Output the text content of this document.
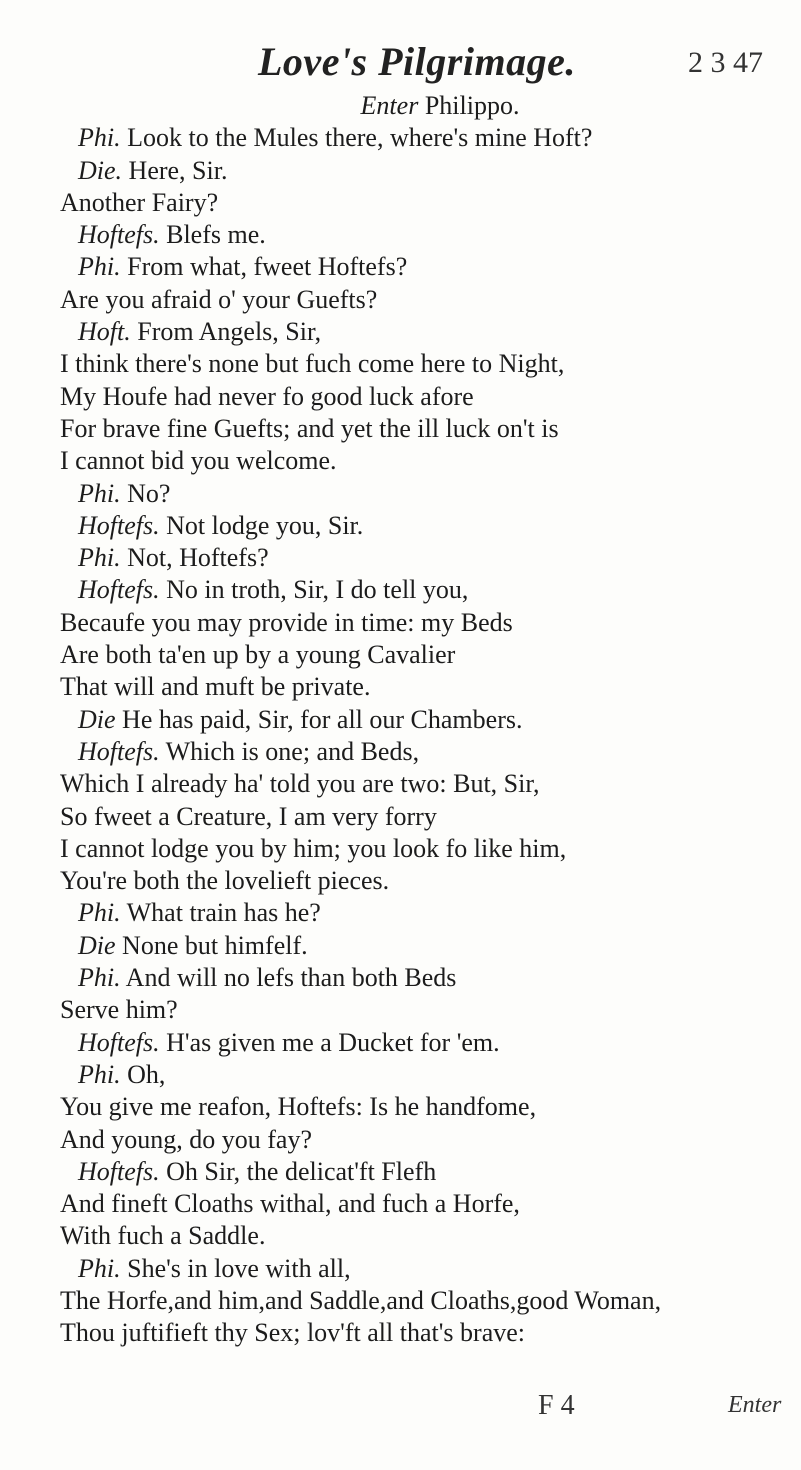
Love's Pilgrimage.	2 3 47
Enter Philippo.
Phi. Look to the Mules there, where's mine Hoft?
Die. Here, Sir.
Another Fairy?
Hoftefs. Blefs me.
Phi. From what, fweet Hoftefs?
Are you afraid o' your Guefts?
Hoft. From Angels, Sir,
I think there's none but fuch come here to Night,
My Houfe had never fo good luck afore
For brave fine Guefts; and yet the ill luck on't is
I cannot bid you welcome.
Phi. No?
Hoftefs. Not lodge you, Sir.
Phi. Not, Hoftefs?
Hoftefs. No in troth, Sir, I do tell you,
Becaufe you may provide in time: my Beds
Are both ta'en up by a young Cavalier
That will and muft be private.
Die He has paid, Sir, for all our Chambers.
Hoftefs. Which is one; and Beds,
Which I already ha' told you are two: But, Sir,
So fweet a Creature, I am very forry
I cannot lodge you by him; you look fo like him,
You're both the loveliеft pieces.
Phi. What train has he?
Die None but himfelf.
Phi. And will no lefs than both Beds
Serve him?
Hoftefs. H'as given me a Ducket for 'em.
Phi. Oh,
You give me reafon, Hoftefs: Is he handfome,
And young, do you fay?
Hoftefs. Oh Sir, the delicat'ft Flefh
And fineft Cloaths withal, and fuch a Horfe,
With fuch a Saddle.
Phi. She's in love with all,
The Horfe,and him,and Saddle,and Cloaths,good Woman,
Thou juftifieft thy Sex; lov'ft all that's brave:
F 4	Enter
